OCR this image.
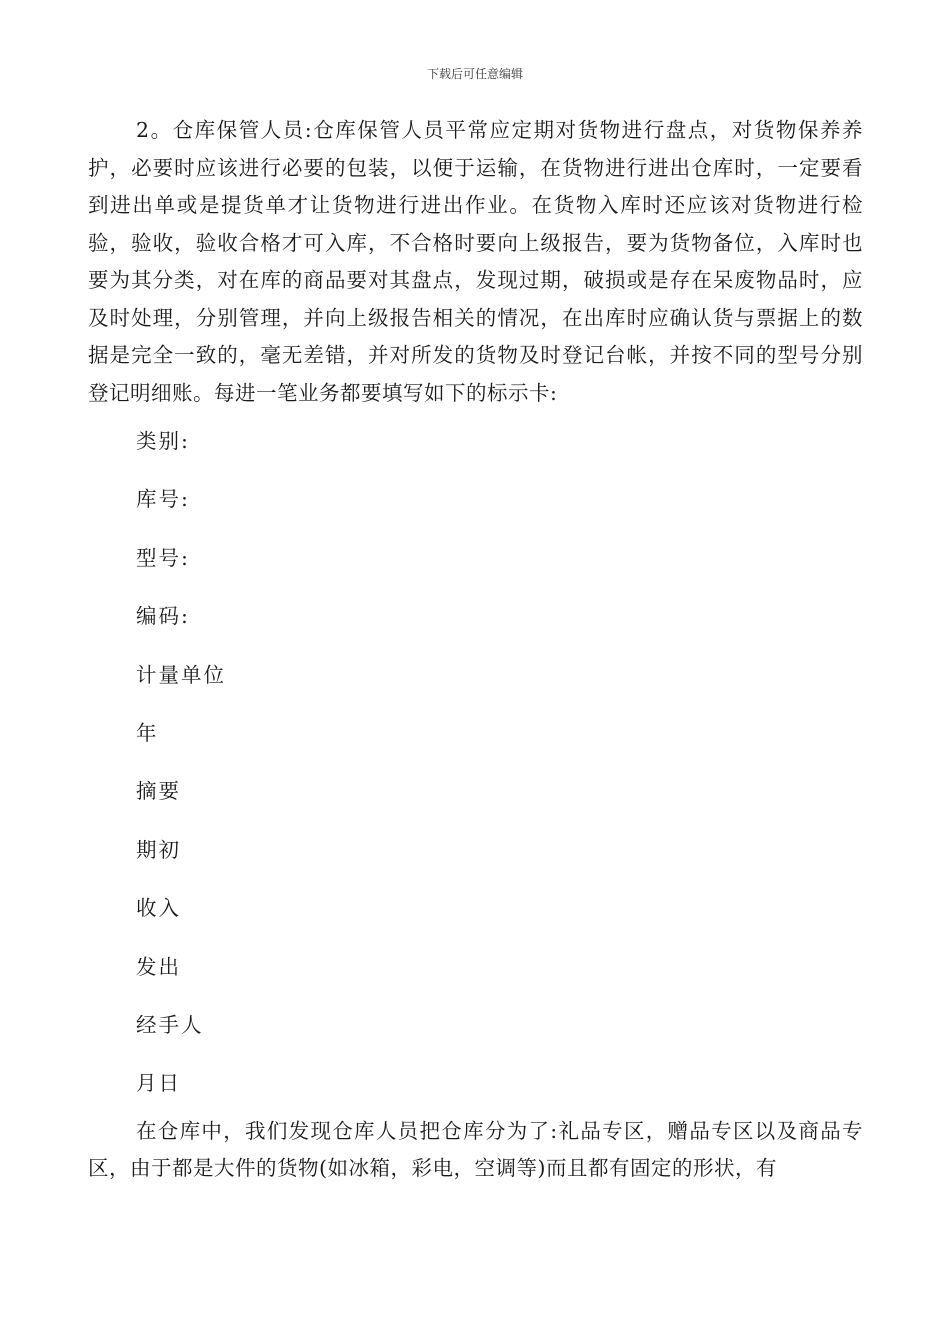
下载后可任意编辑

2。仓库保管人员:仓库保管人员平常应定期对货物进行盘点，对货物保养养护，必要时应该进行必要的包装，以便于运输，在货物进行进出仓库时，一定要看到进出单或是提货单才让货物进行进出作业。在货物入库时还应该对货物进行检验，验收，验收合格才可入库，不合格时要向上级报告，要为货物备位，入库时也要为其分类，对在库的商品要对其盘点，发现过期，破损或是存在呆废物品时，应及时处理，分别管理，并向上级报告相关的情况，在出库时应确认货与票据上的数据是完全一致的，毫无差错，并对所发的货物及时登记台帐，并按不同的型号分别登记明细账。每进一笔业务都要填写如下的标示卡:

类别:
库号:
型号:
编码:
计量单位
年
摘要
期初
收入
发出
经手人
月日

在仓库中，我们发现仓库人员把仓库分为了:礼品专区，赠品专区以及商品专区，由于都是大件的货物(如冰箱，彩电，空调等)而且都有固定的形状，有
